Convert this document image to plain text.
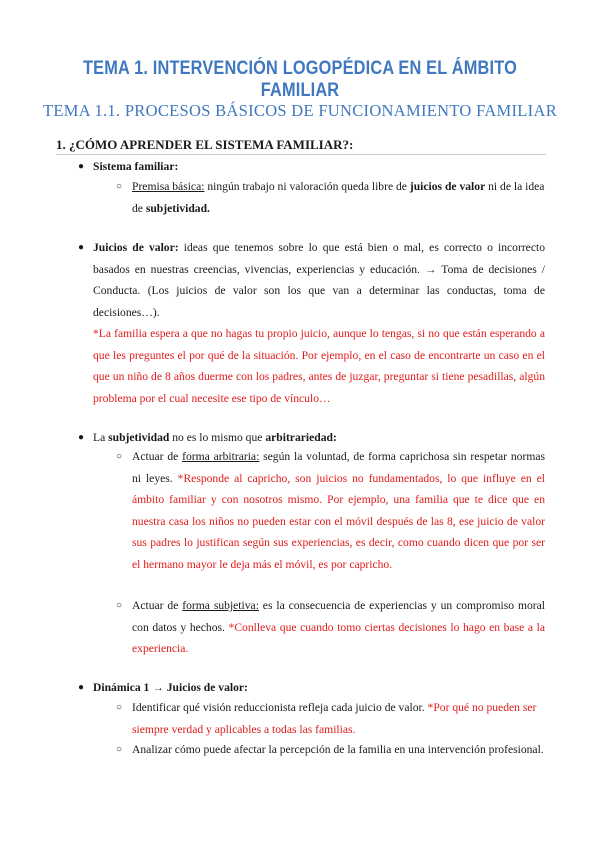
TEMA 1. INTERVENCIÓN LOGOPÉDICA EN EL ÁMBITO FAMILIAR
TEMA 1.1. PROCESOS BÁSICOS DE FUNCIONAMIENTO FAMILIAR
1. ¿CÓMO APRENDER EL SISTEMA FAMILIAR?:
● Sistema familiar:
○ Premisa básica: ningún trabajo ni valoración queda libre de juicios de valor ni de la idea de subjetividad.
● Juicios de valor: ideas que tenemos sobre lo que está bien o mal, es correcto o incorrecto basados en nuestras creencias, vivencias, experiencias y educación. → Toma de decisiones / Conducta. (Los juicios de valor son los que van a determinar las conductas, toma de decisiones…).
*La familia espera a que no hagas tu propio juicio, aunque lo tengas, si no que están esperando a que les preguntes el por qué de la situación. Por ejemplo, en el caso de encontrarte un caso en el que un niño de 8 años duerme con los padres, antes de juzgar, preguntar si tiene pesadillas, algún problema por el cual necesite ese tipo de vínculo…
● La subjetividad no es lo mismo que arbitrariedad:
○ Actuar de forma arbitraria: según la voluntad, de forma caprichosa sin respetar normas ni leyes. *Responde al capricho, son juicios no fundamentados, lo que influye en el ámbito familiar y con nosotros mismo. Por ejemplo, una familia que te dice que en nuestra casa los niños no pueden estar con el móvil después de las 8, ese juicio de valor sus padres lo justifican según sus experiencias, es decir, como cuando dicen que por ser el hermano mayor le deja más el móvil, es por capricho.
○ Actuar de forma subjetiva: es la consecuencia de experiencias y un compromiso moral con datos y hechos. *Conlleva que cuando tomo ciertas decisiones lo hago en base a la experiencia.
● Dinámica 1 → Juicios de valor:
○ Identificar qué visión reduccionista refleja cada juicio de valor. *Por qué no pueden ser siempre verdad y aplicables a todas las familias.
○ Analizar cómo puede afectar la percepción de la familia en una intervención profesional.
